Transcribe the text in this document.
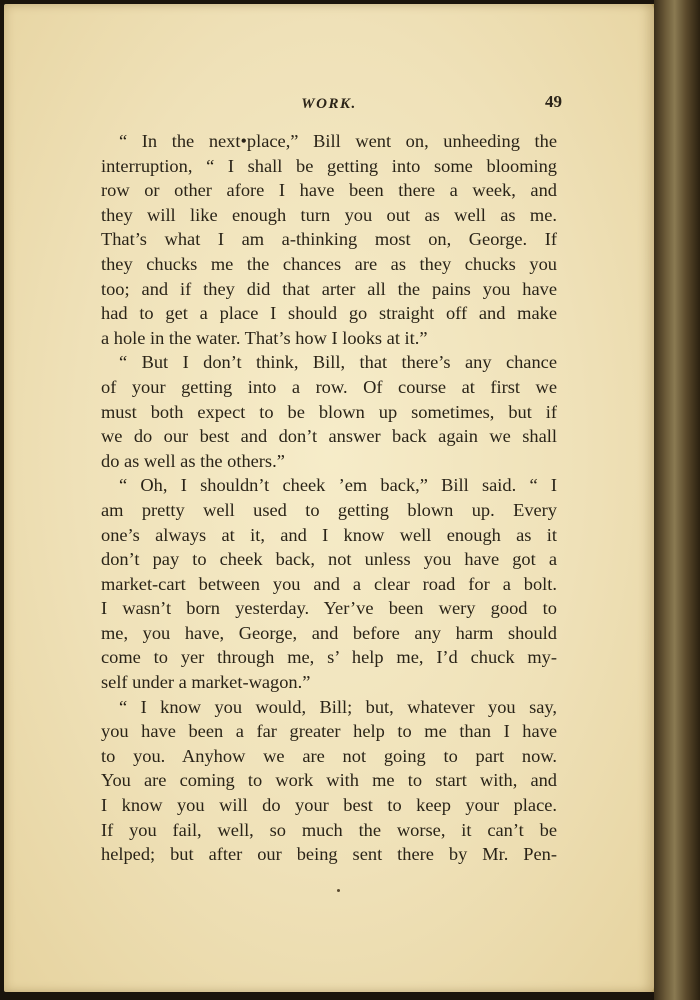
WORK.	49
“ In the next•place,” Bill went on, unheeding the
interruption, “ I shall be getting into some blooming
row or other afore I have been there a week, and
they will like enough turn you out as well as me.
That’s what I am a-thinking most on, George. If
they chucks me the chances are as they chucks you
too; and if they did that arter all the pains you have
had to get a place I should go straight off and make
a hole in the water. That’s how I looks at it.”
“ But I don’t think, Bill, that there’s any chance
of your getting into a row. Of course at first we
must both expect to be blown up sometimes, but if
we do our best and don’t answer back again we shall
do as well as the others.”
“ Oh, I shouldn’t cheek ’em back,” Bill said. “ I
am pretty well used to getting blown up. Every
one’s always at it, and I know well enough as it
don’t pay to cheek back, not unless you have got a
market-cart between you and a clear road for a bolt.
I wasn’t born yesterday. Yer’ve been wery good to
me, you have, George, and before any harm should
come to yer through me, s’ help me, I’d chuck my-
self under a market-wagon.”
“ I know you would, Bill; but, whatever you say,
you have been a far greater help to me than I have
to you. Anyhow we are not going to part now.
You are coming to work with me to start with, and
I know you will do your best to keep your place.
If you fail, well, so much the worse, it can’t be
helped; but after our being sent there by Mr. Pen-
